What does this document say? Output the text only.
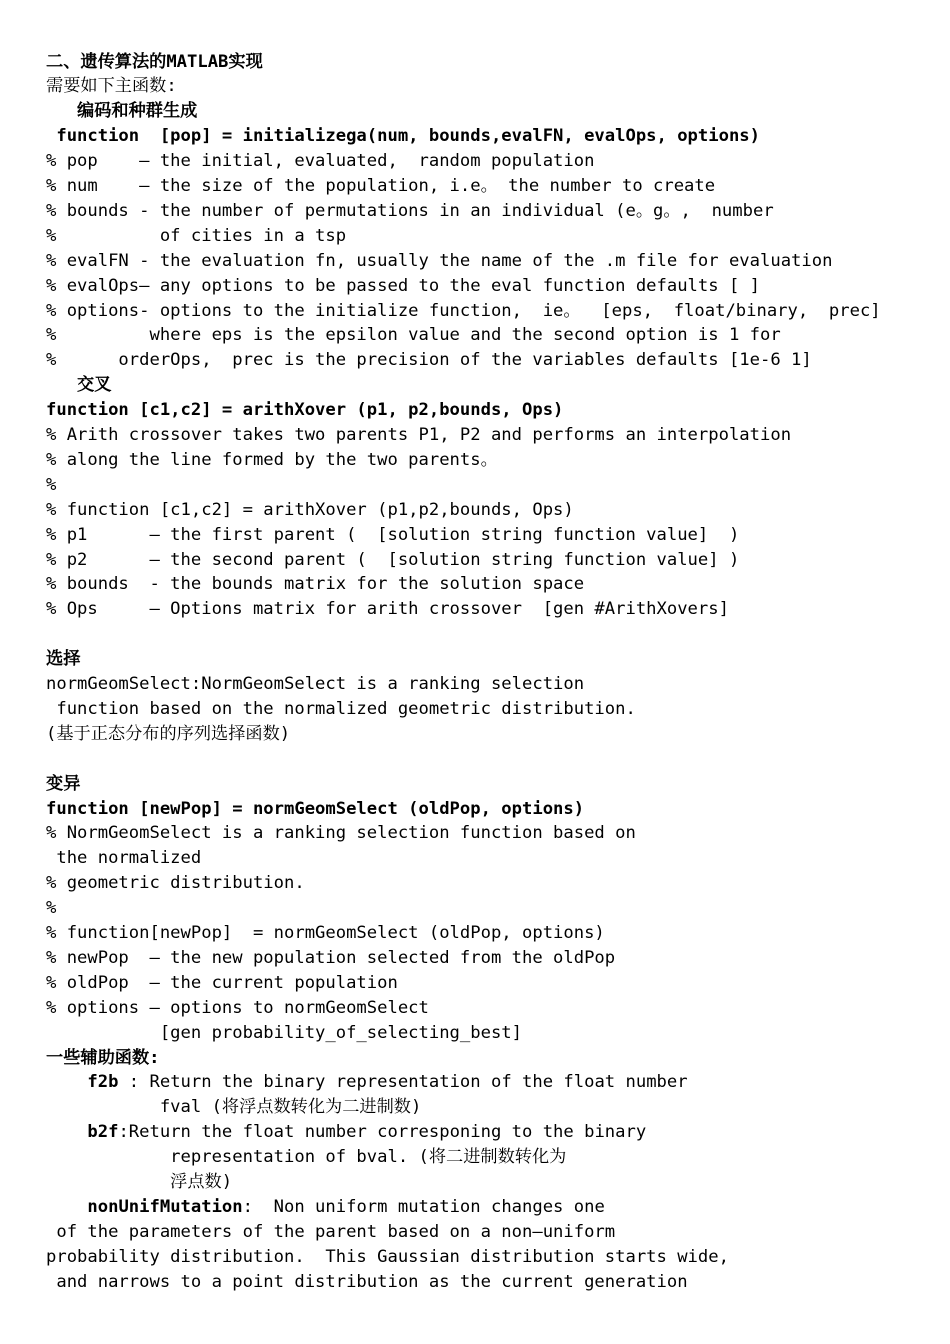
二、遗传算法的MATLAB实现
需要如下主函数:
编码和种群生成
function  [pop] = initializega(num, bounds,evalFN, evalOps, options)
% pop    — the initial, evaluated,  random population
% num    — the size of the population, i.e。 the number to create
% bounds - the number of permutations in an individual (e。g。,  number
%          of cities in a tsp
% evalFN - the evaluation fn, usually the name of the .m file for evaluation
% evalOps— any options to be passed to the eval function defaults [ ]
% options- options to the initialize function,  ie。  [eps,  float/binary,  prec]
%         where eps is the epsilon value and the second option is 1 for
%      orderOps,  prec is the precision of the variables defaults [1e-6 1]
交叉
function [c1,c2] = arithXover (p1, p2,bounds, Ops)
% Arith crossover takes two parents P1, P2 and performs an interpolation
% along the line formed by the two parents。
%
% function [c1,c2] = arithXover (p1,p2,bounds, Ops)
% p1      — the first parent (  [solution string function value]  )
% p2      — the second parent (  [solution string function value] )
% bounds  - the bounds matrix for the solution space
% Ops     — Options matrix for arith crossover  [gen #ArithXovers]
选择
normGeomSelect:NormGeomSelect is a ranking selection
function based on the normalized geometric distribution.
(基于正态分布的序列选择函数)
变异
function [newPop] = normGeomSelect (oldPop, options)
% NormGeomSelect is a ranking selection function based on
the normalized
% geometric distribution.
%
% function[newPop]  = normGeomSelect (oldPop, options)
% newPop  — the new population selected from the oldPop
% oldPop  — the current population
% options — options to normGeomSelect
[gen probability_of_selecting_best]
一些辅助函数:
f2b : Return the binary representation of the float number
fval (将浮点数转化为二进制数)
b2f:Return the float number corresponing to the binary
representation of bval. (将二进制数转化为
浮点数)
nonUnifMutation:  Non uniform mutation changes one
of the parameters of the parent based on a non—uniform
probability distribution.  This Gaussian distribution starts wide,
and narrows to a point distribution as the current generation
